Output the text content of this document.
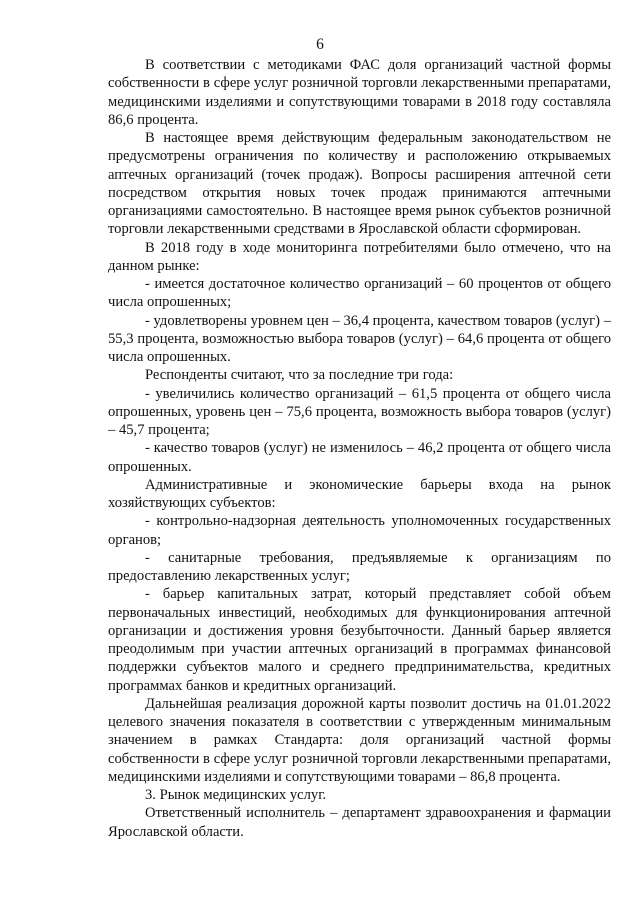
6

В соответствии с методиками ФАС доля организаций частной формы собственности в сфере услуг розничной торговли лекарственными препаратами, медицинскими изделиями и сопутствующими товарами в 2018 году составляла 86,6 процента.

В настоящее время действующим федеральным законодательством не предусмотрены ограничения по количеству и расположению открываемых аптечных организаций (точек продаж). Вопросы расширения аптечной сети посредством открытия новых точек продаж принимаются аптечными организациями самостоятельно. В настоящее время рынок субъектов розничной торговли лекарственными средствами в Ярославской области сформирован.

В 2018 году в ходе мониторинга потребителями было отмечено, что на данном рынке:

- имеется достаточное количество организаций – 60 процентов от общего числа опрошенных;

- удовлетворены уровнем цен – 36,4 процента, качеством товаров (услуг) – 55,3 процента, возможностью выбора товаров (услуг) – 64,6 процента от общего числа опрошенных.

Респонденты считают, что за последние три года:

- увеличились количество организаций – 61,5 процента от общего числа опрошенных, уровень цен – 75,6 процента, возможность выбора товаров (услуг) – 45,7 процента;

- качество товаров (услуг) не изменилось – 46,2 процента от общего числа опрошенных.

Административные и экономические барьеры входа на рынок хозяйствующих субъектов:

- контрольно-надзорная деятельность уполномоченных государственных органов;

- санитарные требования, предъявляемые к организациям по предоставлению лекарственных услуг;

- барьер капитальных затрат, который представляет собой объем первоначальных инвестиций, необходимых для функционирования аптечной организации и достижения уровня безубыточности. Данный барьер является преодолимым при участии аптечных организаций в программах финансовой поддержки субъектов малого и среднего предпринимательства, кредитных программах банков и кредитных организаций.

Дальнейшая реализация дорожной карты позволит достичь на 01.01.2022 целевого значения показателя в соответствии с утвержденным минимальным значением в рамках Стандарта: доля организаций частной формы собственности в сфере услуг розничной торговли лекарственными препаратами, медицинскими изделиями и сопутствующими товарами – 86,8 процента.

3. Рынок медицинских услуг.

Ответственный исполнитель – департамент здравоохранения и фармации Ярославской области.
